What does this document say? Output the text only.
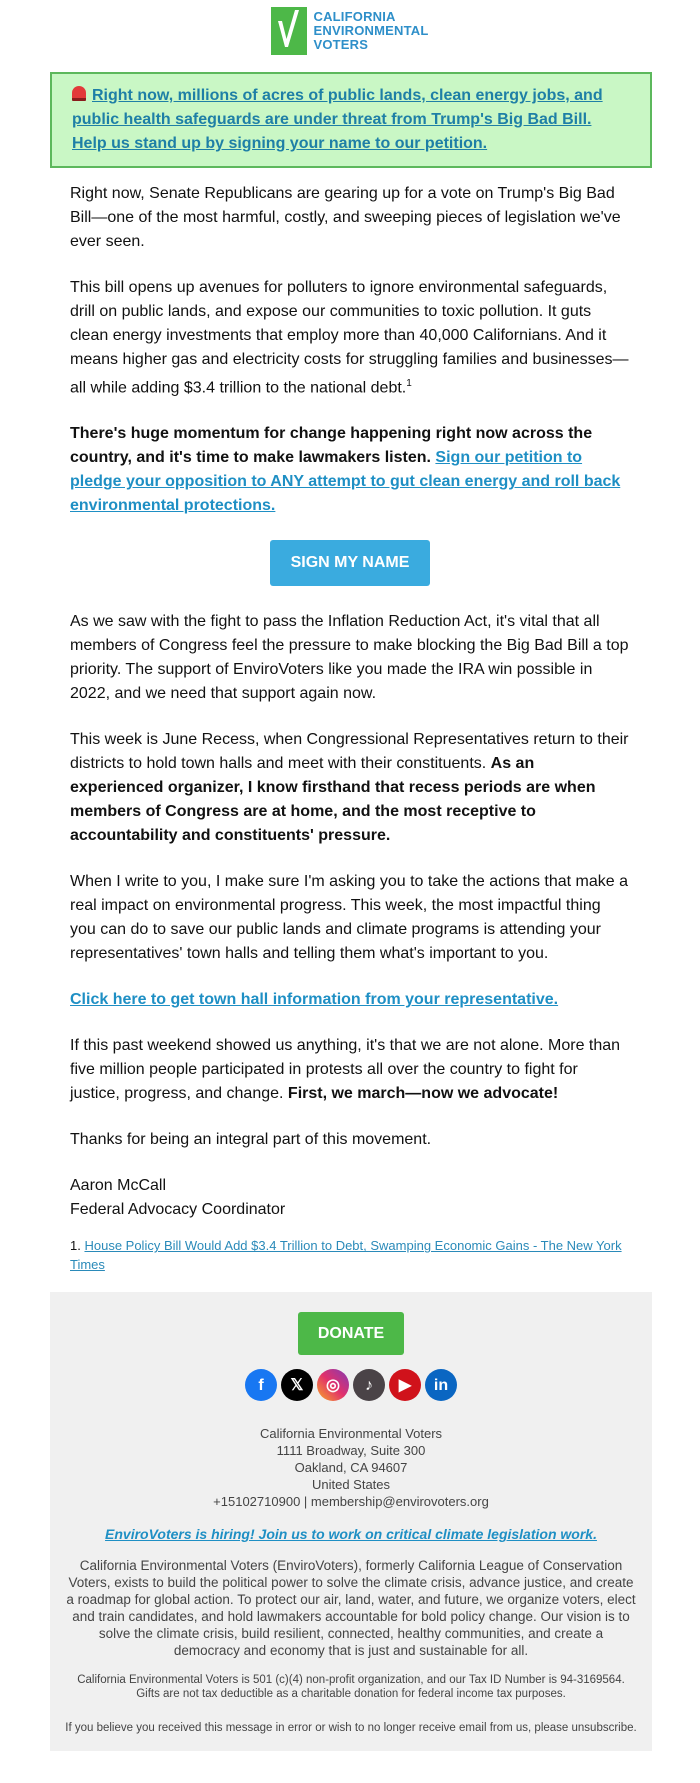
CALIFORNIA
ENVIRONMENTAL
VOTERS
Right now, millions of acres of public lands, clean energy jobs, and public health safeguards are under threat from Trump's Big Bad Bill. Help us stand up by signing your name to our petition.

Right now, Senate Republicans are gearing up for a vote on Trump's Big Bad Bill—one of the most harmful, costly, and sweeping pieces of legislation we've ever seen.

This bill opens up avenues for polluters to ignore environmental safeguards, drill on public lands, and expose our communities to toxic pollution. It guts clean energy investments that employ more than 40,000 Californians. And it means higher gas and electricity costs for struggling families and businesses—all while adding $3.4 trillion to the national debt.$^1$

There's huge momentum for change happening right now across the country, and it's time to make lawmakers listen. Sign our petition to pledge your opposition to ANY attempt to gut clean energy and roll back environmental protections.

SIGN MY NAME

As we saw with the fight to pass the Inflation Reduction Act, it's vital that all members of Congress feel the pressure to make blocking the Big Bad Bill a top priority. The support of EnviroVoters like you made the IRA win possible in 2022, and we need that support again now.

This week is June Recess, when Congressional Representatives return to their districts to hold town halls and meet with their constituents. As an experienced organizer, I know firsthand that recess periods are when members of Congress are at home, and the most receptive to accountability and constituents' pressure.

When I write to you, I make sure I'm asking you to take the actions that make a real impact on environmental progress. This week, the most impactful thing you can do to save our public lands and climate programs is attending your representatives' town halls and telling them what's important to you.

Click here to get town hall information from your representative.

If this past weekend showed us anything, it's that we are not alone. More than five million people participated in protests all over the country to fight for justice, progress, and change. First, we march—now we advocate!

Thanks for being an integral part of this movement.

Aaron McCall
Federal Advocacy Coordinator

1. House Policy Bill Would Add $3.4 Trillion to Debt, Swamping Economic Gains - The New York Times
DONATE
f	𝕏	◎	♪	▶	in
California Environmental Voters
1111 Broadway, Suite 300
Oakland, CA 94607
United States
+15102710900 | membership@envirovoters.org
EnviroVoters is hiring! Join us to work on critical climate legislation work.
California Environmental Voters (EnviroVoters), formerly California League of Conservation Voters, exists to build the political power to solve the climate crisis, advance justice, and create a roadmap for global action. To protect our air, land, water, and future, we organize voters, elect and train candidates, and hold lawmakers accountable for bold policy change. Our vision is to solve the climate crisis, build resilient, connected, healthy communities, and create a democracy and economy that is just and sustainable for all.
California Environmental Voters is 501 (c)(4) non-profit organization, and our Tax ID Number is 94-3169564. Gifts are not tax deductible as a charitable donation for federal income tax purposes.
If you believe you received this message in error or wish to no longer receive email from us, please unsubscribe.
